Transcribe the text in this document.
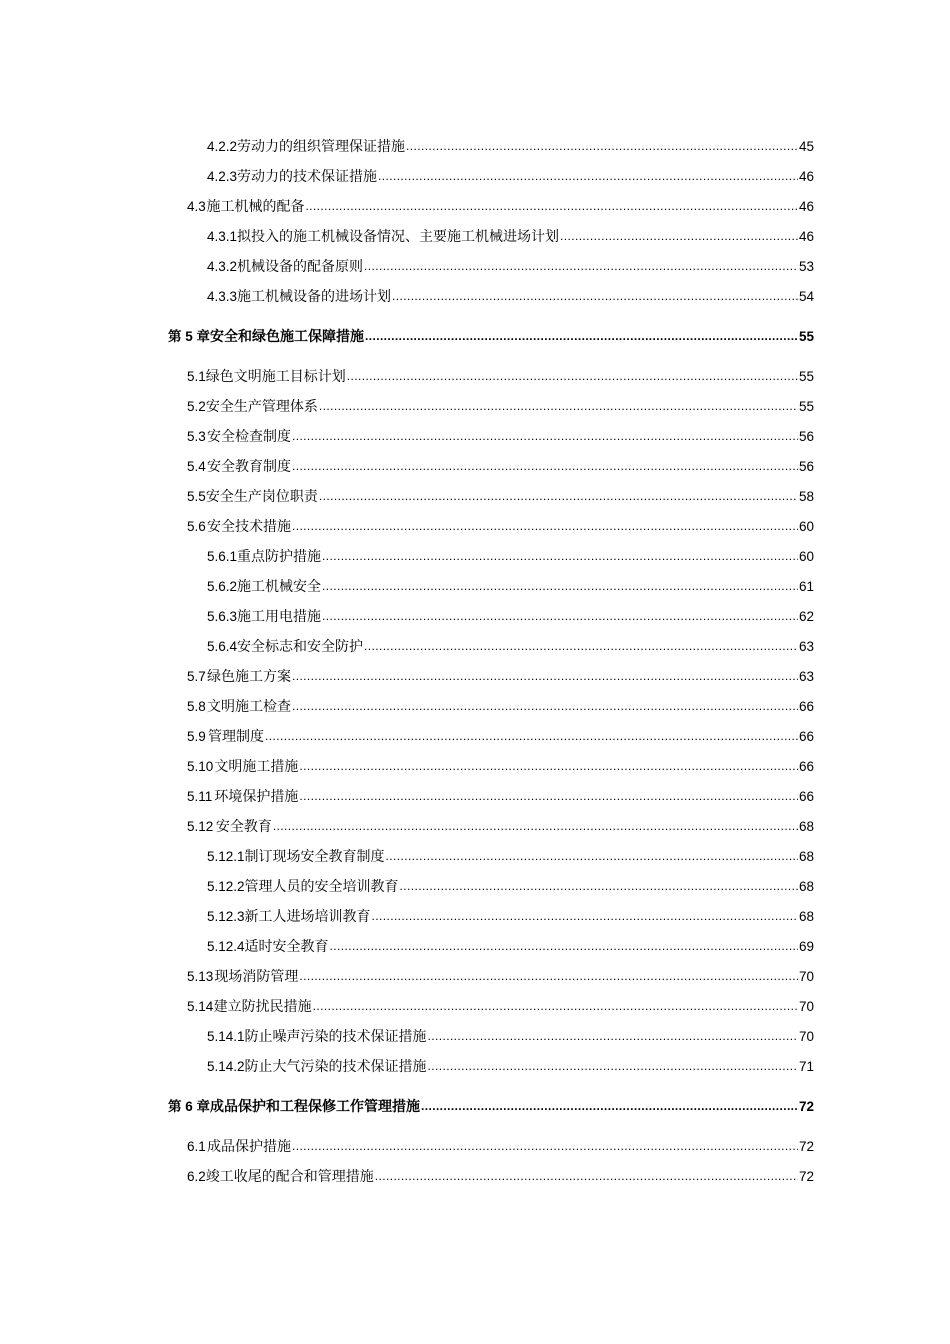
4.2.2 劳动力的组织管理保证措施 .....	45
4.2.3 劳动力的技术保证措施 .....	46
4.3 施工机械的配备 .....	46
4.3.1 拟投入的施工机械设备情况、主要施工机械进场计划 .....	46
4.3.2 机械设备的配备原则 .....	53
4.3.3 施工机械设备的进场计划 .....	54
第 5 章 安全和绿色施工保障措施 .....	55
5.1 绿色文明施工目标计划 .....	55
5.2 安全生产管理体系 .....	55
5.3 安全检查制度 .....	56
5.4 安全教育制度 .....	56
5.5 安全生产岗位职责 .....	58
5.6 安全技术措施 .....	60
5.6.1 重点防护措施 .....	60
5.6.2 施工机械安全 .....	61
5.6.3 施工用电措施 .....	62
5.6.4 安全标志和安全防护 .....	63
5.7 绿色施工方案 .....	63
5.8 文明施工检查 .....	66
5.9 管理制度 .....	66
5.10 文明施工措施 .....	66
5.11 环境保护措施 .....	66
5.12 安全教育 .....	68
5.12.1 制订现场安全教育制度 .....	68
5.12.2 管理人员的安全培训教育 .....	68
5.12.3 新工人进场培训教育 .....	68
5.12.4 适时安全教育 .....	69
5.13 现场消防管理 .....	70
5.14 建立防扰民措施 .....	70
5.14.1 防止噪声污染的技术保证措施 .....	70
5.14.2 防止大气污染的技术保证措施 .....	71
第 6 章 成品保护和工程保修工作管理措施 .....	72
6.1 成品保护措施 .....	72
6.2 竣工收尾的配合和管理措施 .....	72
